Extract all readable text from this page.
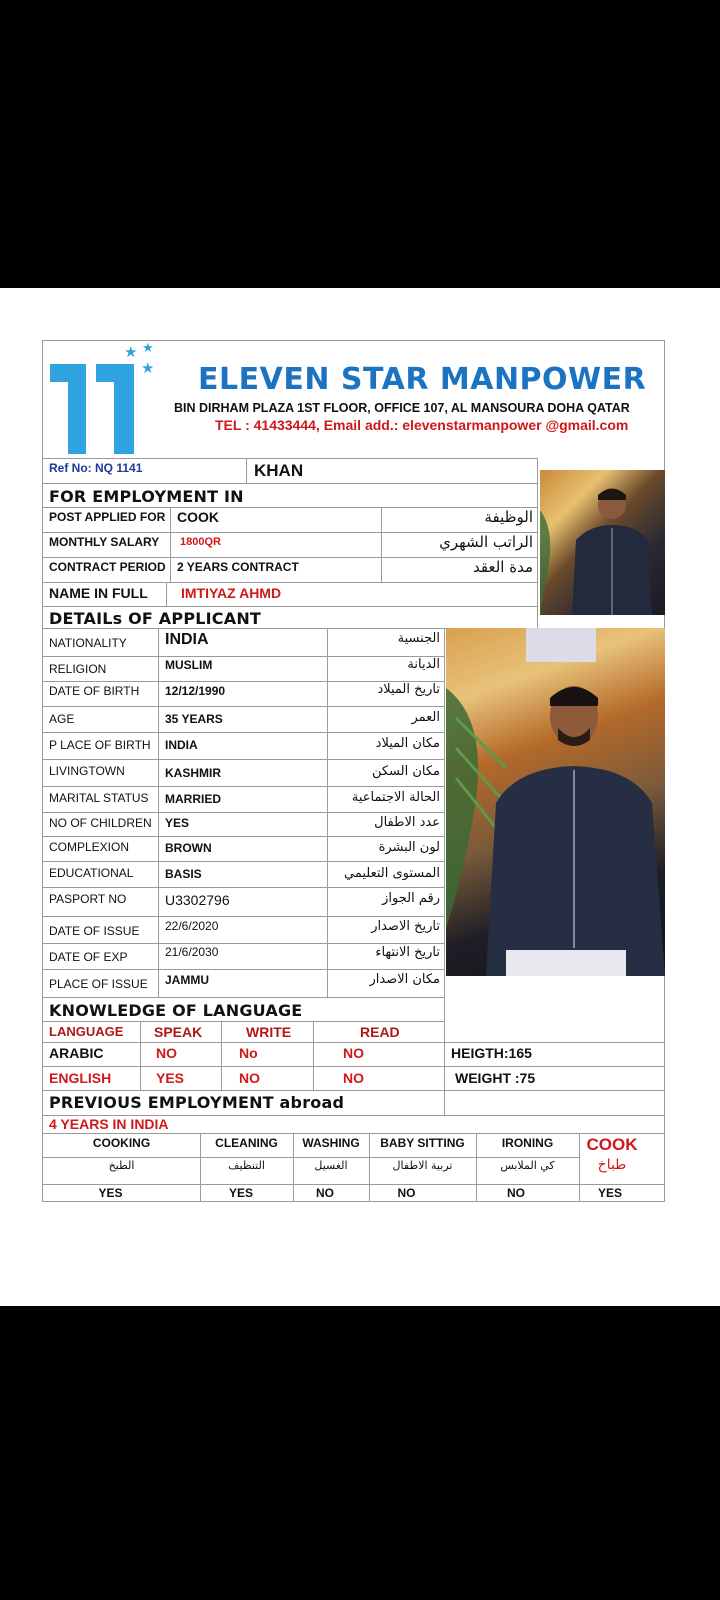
★ ★
★ ELEVEN STAR MANPOWER
BIN DIRHAM PLAZA 1ST FLOOR, OFFICE 107, AL MANSOURA DOHA QATAR
TEL : 41433444, Email add.: elevenstarmanpower @gmail.com
Ref No: NQ 1141	KHAN
FOR EMPLOYMENT IN
POST APPLIED FOR COOK	الوظيفة
MONTHLY SALARY 1800QR	الراتب الشهري
CONTRACT PERIOD 2 YEARS CONTRACT	مدة العقد
NAME IN FULL IMTIYAZ AHMD
DETAILs OF APPLICANT
NATIONALITY INDIA	الجنسية
RELIGION	MUSLIM	الديانة
DATE OF BIRTH 12/12/1990	تاريخ الميلاد
AGE	35 YEARS	العمر
P LACE OF BIRTH INDIA	مكان الميلاد
LIVINGTOWN	KASHMIR	مكان السكن
MARITAL STATUS MARRIED	الحالة الاجتماعية
NO OF CHILDREN YES	عدد الاطفال
COMPLEXION	BROWN	لون البشرة
EDUCATIONAL	BASIS	المستوى التعليمي
PASPORT NO	U3302796	رقم الجواز
DATE OF ISSUE 22/6/2020	تاريخ الاصدار
DATE OF EXP	21/6/2030	تاريخ الانتهاء
PLACE OF ISSUE JAMMU	مكان الاصدار
KNOWLEDGE OF LANGUAGE
LANGUAGE SPEAK	WRITE	READ
ARABIC	NO	No	NO	HEIGTH:165
ENGLISH	YES	NO	NO	WEIGHT :75
PREVIOUS EMPLOYMENT abroad
4 YEARS IN INDIA
COOKING	CLEANING	WASHING	BABY SITTING	IRONING	COOK
الطبخ	التنظيف	الغسيل	تربية الاطفال	كي الملابس	طباخ
YES	YES	NO	NO	NO	YES
